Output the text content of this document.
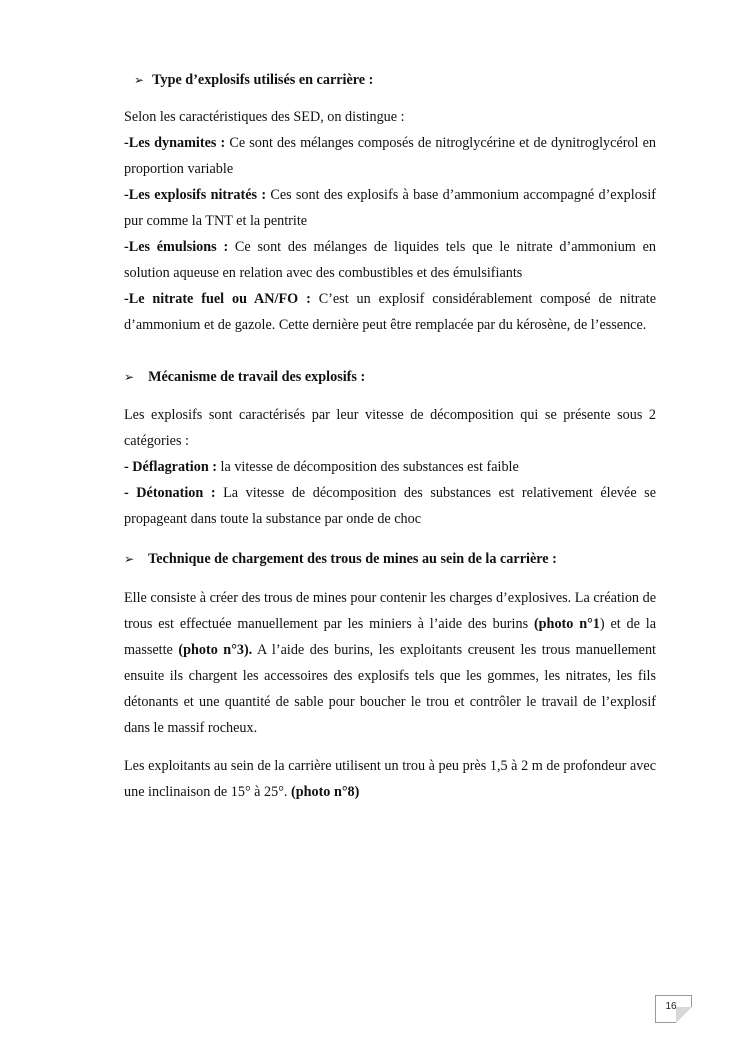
➢ Type d’explosifs utilisés en carrière :

Selon les caractéristiques des SED, on distingue :

-Les dynamites : Ce sont des mélanges composés de nitroglycérine et de dynitroglycérol en proportion variable

-Les explosifs nitratés : Ces sont des explosifs à base d’ammonium accompagné d’explosif pur comme la TNT et la pentrite

-Les émulsions : Ce sont des mélanges de liquides tels que le nitrate d’ammonium en solution aqueuse en relation avec des combustibles et des émulsifiants

-Le nitrate fuel ou AN/FO : C’est un explosif considérablement composé de nitrate d’ammonium et de gazole. Cette dernière peut être remplacée par du kérosène, de l’essence.

➢ Mécanisme de travail des explosifs :

Les explosifs sont caractérisés par leur vitesse de décomposition qui se présente sous 2 catégories :

- Déflagration : la vitesse de décomposition des substances est faible

- Détonation : La vitesse de décomposition des substances est relativement élevée se propageant dans toute la substance par onde de choc

➢ Technique de chargement des trous de mines au sein de la carrière :

Elle consiste à créer des trous de mines pour contenir les charges d’explosives. La création de trous est effectuée manuellement par les miniers à l’aide des burins (photo n°1) et de la massette (photo n°3). A l’aide des burins, les exploitants creusent les trous manuellement ensuite ils chargent les accessoires des explosifs tels que les gommes, les nitrates, les fils détonants et une quantité de sable pour boucher le trou et contrôler le travail de l’explosif dans le massif rocheux.

Les exploitants au sein de la carrière utilisent un trou à peu près 1,5 à 2 m de profondeur avec une inclinaison de 15° à 25°. (photo n°8)

16
